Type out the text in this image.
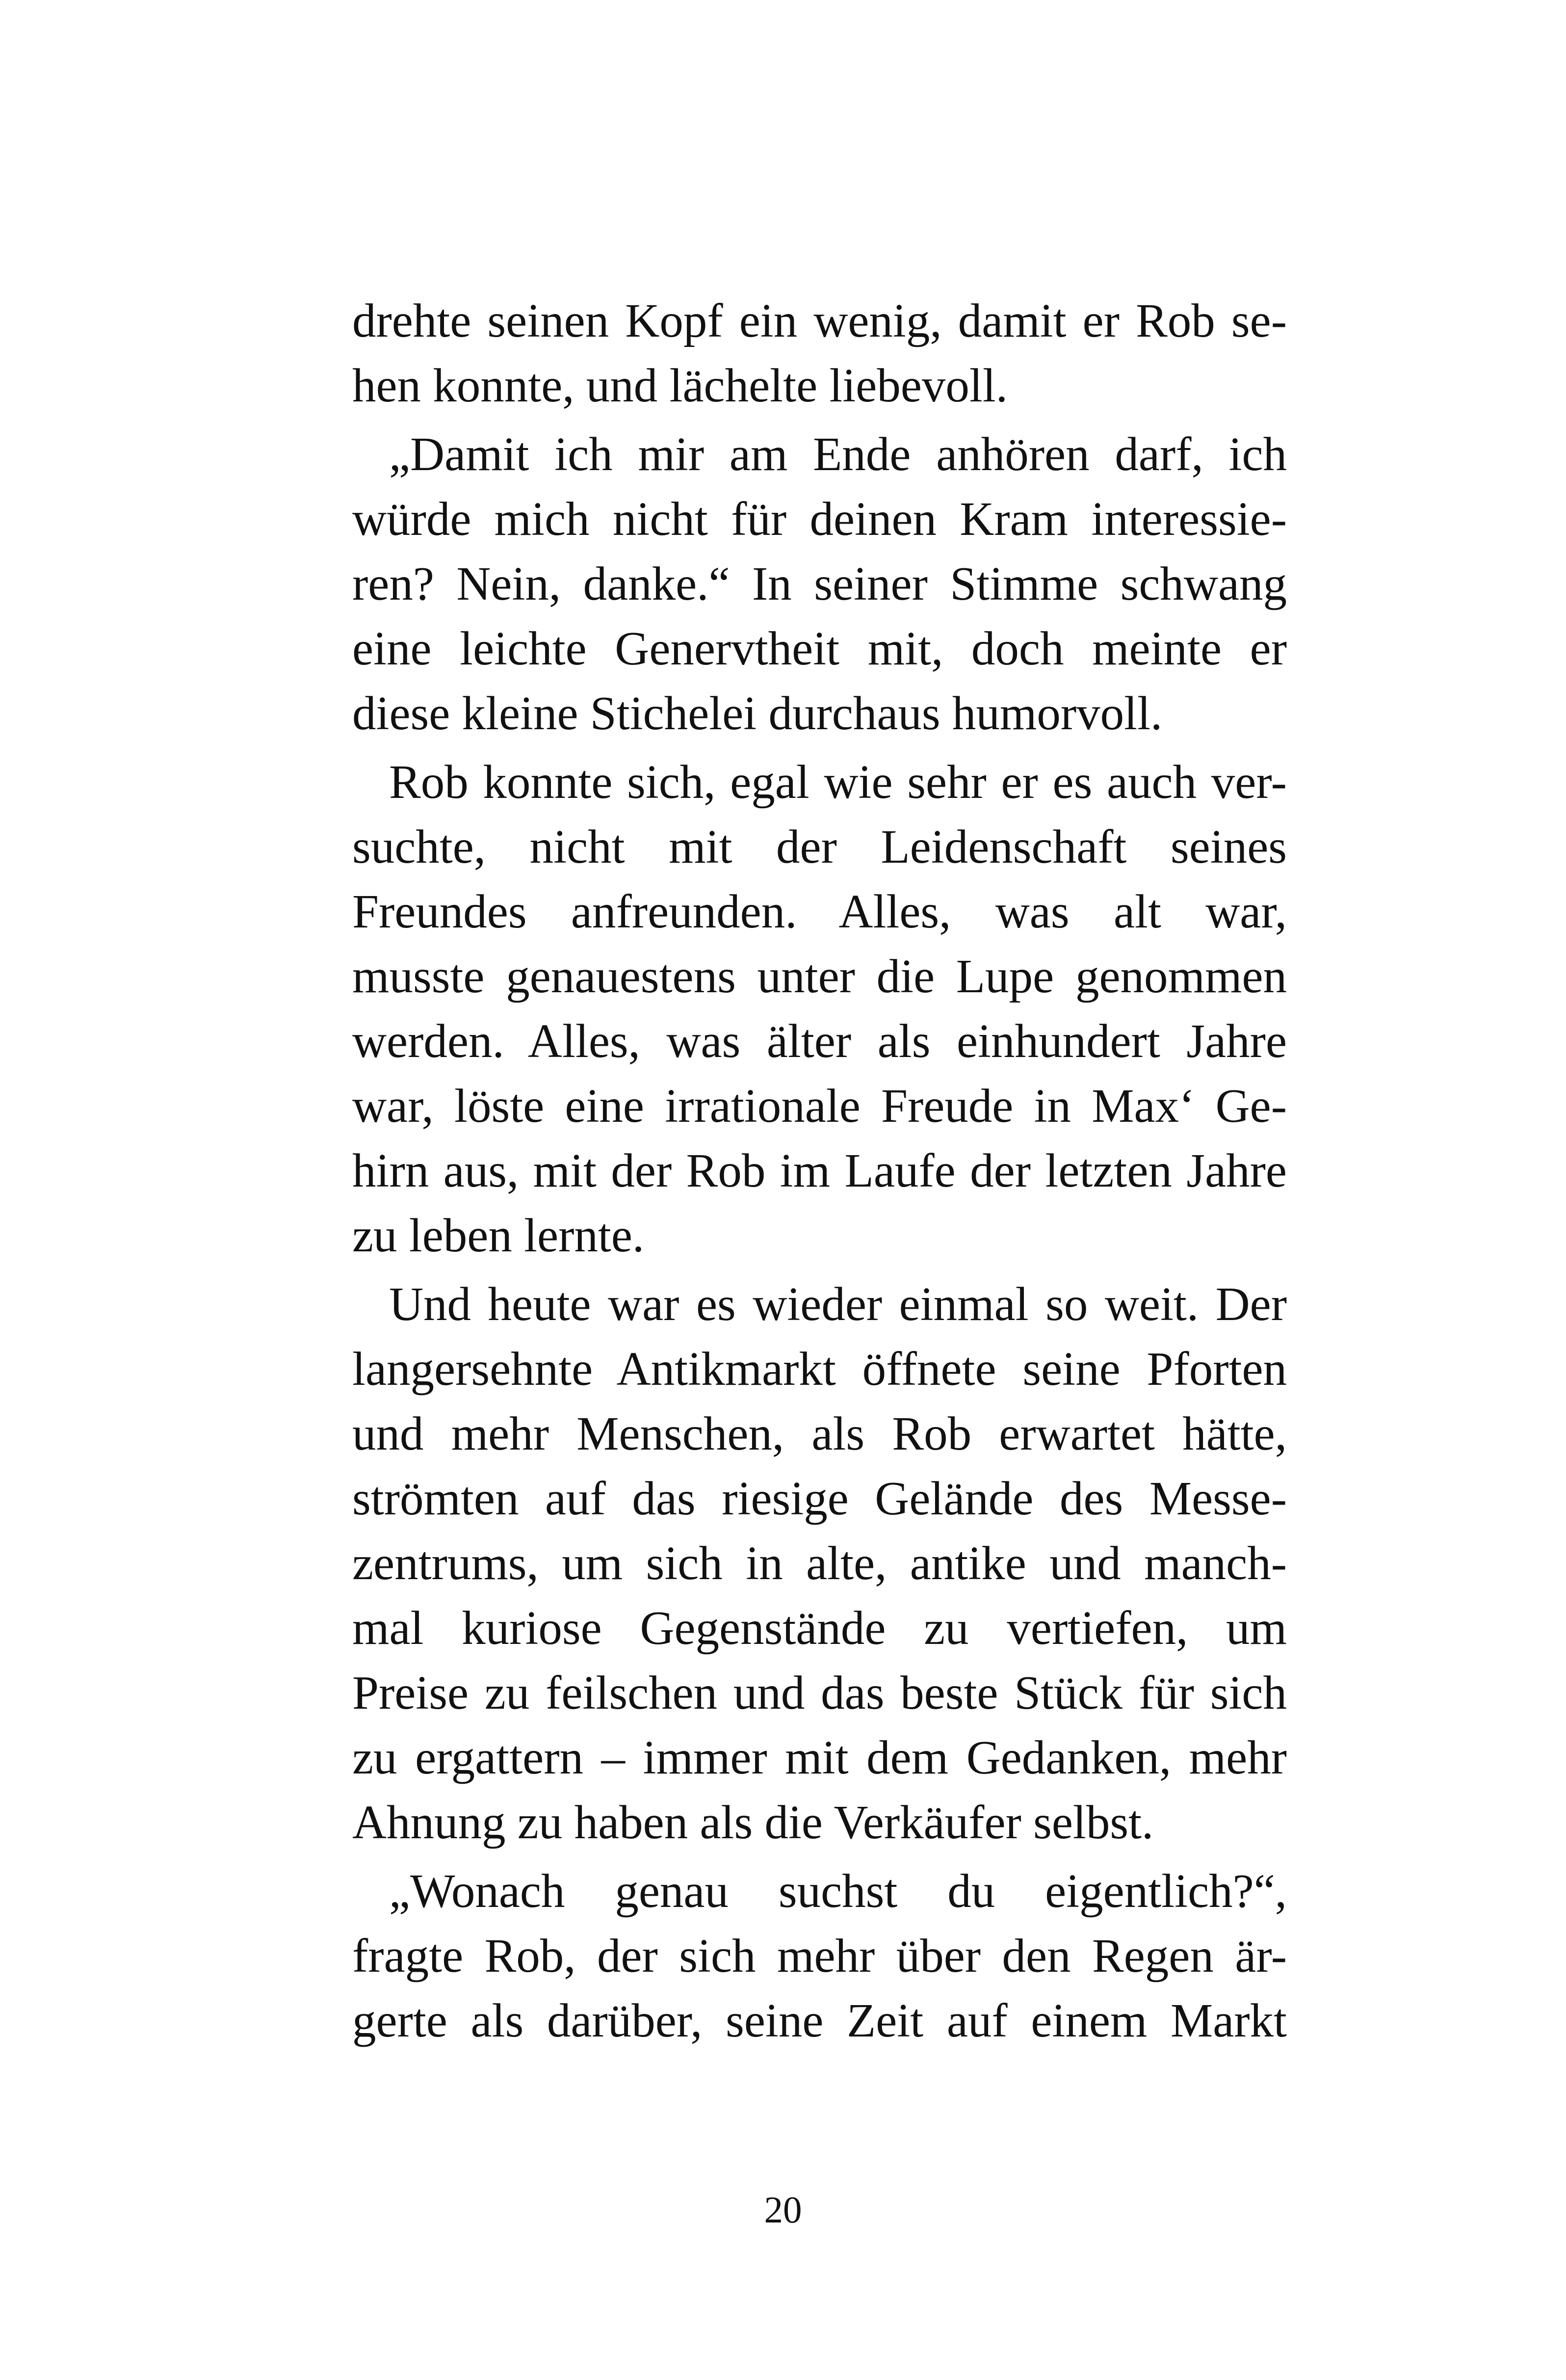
drehte seinen Kopf ein wenig, damit er Rob se-
hen konnte, und lächelte liebevoll.
„Damit ich mir am Ende anhören darf, ich
würde mich nicht für deinen Kram interessie-
ren? Nein, danke.“ In seiner Stimme schwang
eine leichte Genervtheit mit, doch meinte er
diese kleine Stichelei durchaus humorvoll.
Rob konnte sich, egal wie sehr er es auch ver-
suchte, nicht mit der Leidenschaft seines
Freundes anfreunden. Alles, was alt war,
musste genauestens unter die Lupe genommen
werden. Alles, was älter als einhundert Jahre
war, löste eine irrationale Freude in Max‘ Ge-
hirn aus, mit der Rob im Laufe der letzten Jahre
zu leben lernte.
Und heute war es wieder einmal so weit. Der
langersehnte Antikmarkt öffnete seine Pforten
und mehr Menschen, als Rob erwartet hätte,
strömten auf das riesige Gelände des Messe-
zentrums, um sich in alte, antike und manch-
mal kuriose Gegenstände zu vertiefen, um
Preise zu feilschen und das beste Stück für sich
zu ergattern – immer mit dem Gedanken, mehr
Ahnung zu haben als die Verkäufer selbst.
„Wonach genau suchst du eigentlich?“,
fragte Rob, der sich mehr über den Regen är-
gerte als darüber, seine Zeit auf einem Markt
20
